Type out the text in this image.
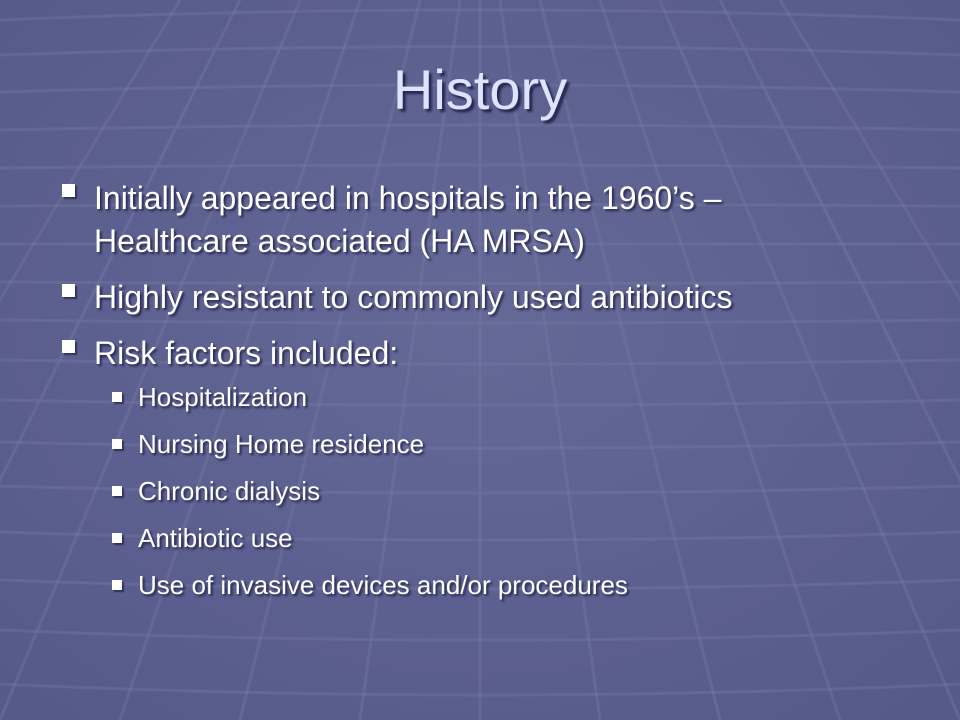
History
Initially appeared in hospitals in the 1960’s –
Healthcare associated (HA MRSA)
Highly resistant to commonly used antibiotics
Risk factors included:
Hospitalization
Nursing Home residence
Chronic dialysis
Antibiotic use
Use of invasive devices and/or procedures
